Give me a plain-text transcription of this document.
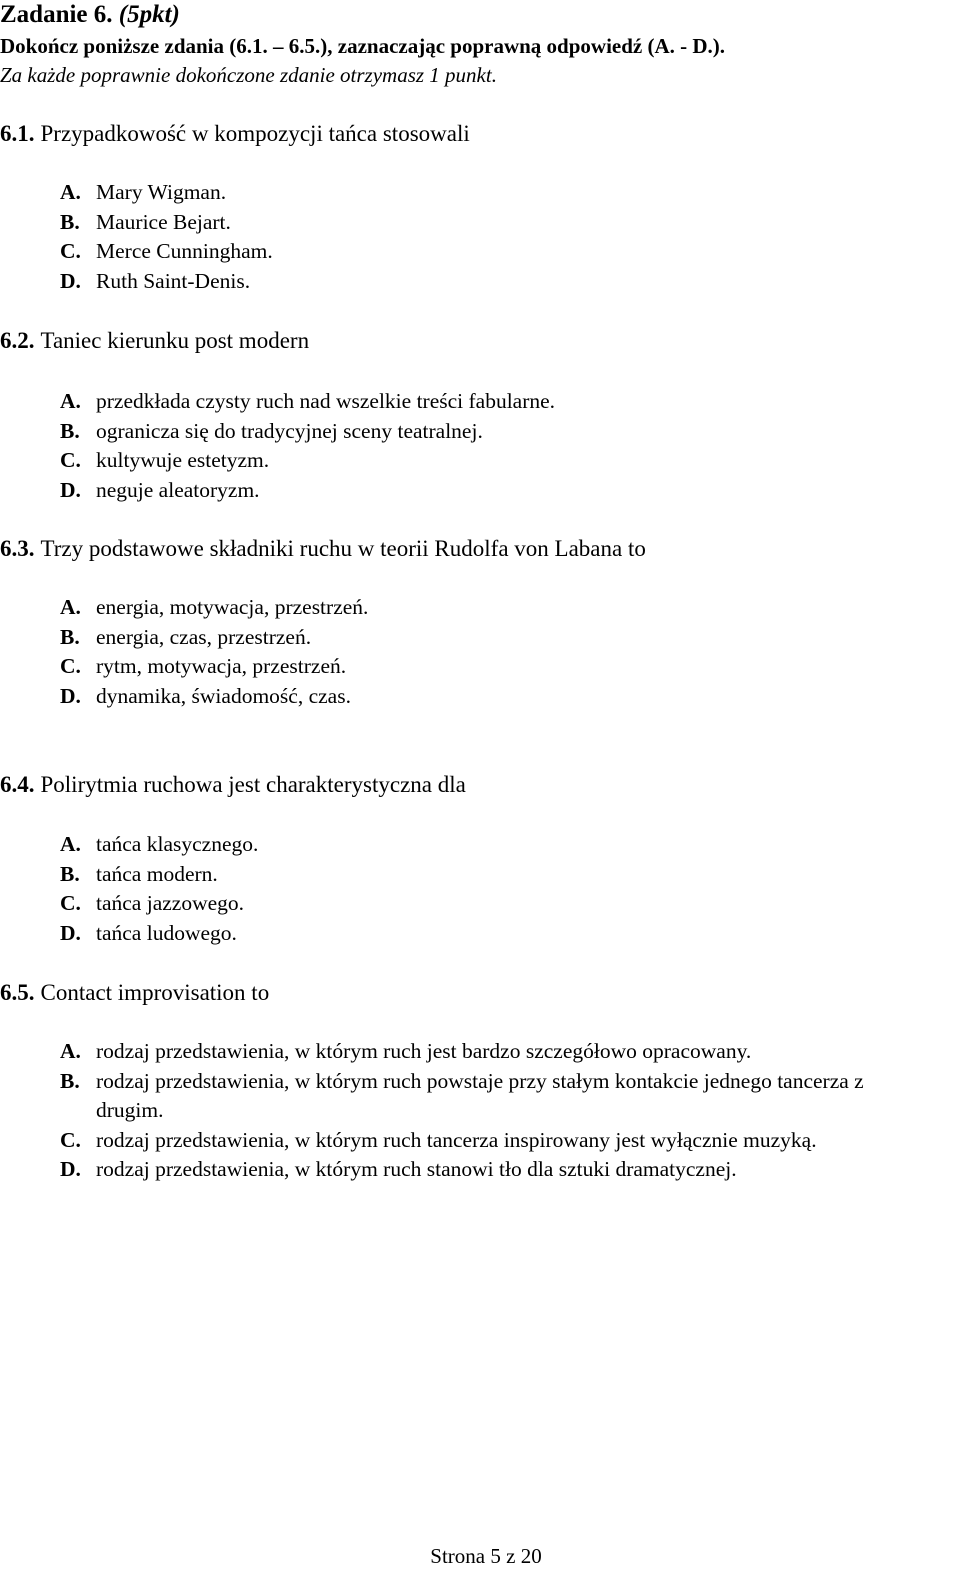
Zadanie 6. (5pkt)
Dokończ poniższe zdania (6.1. – 6.5.), zaznaczając poprawną odpowiedź (A. - D.).
Za każde poprawnie dokończone zdanie otrzymasz 1 punkt.
6.1. Przypadkowość w kompozycji tańca stosowali
A. Mary Wigman.
B. Maurice Bejart.
C. Merce Cunningham.
D. Ruth Saint-Denis.
6.2. Taniec kierunku post modern
A. przedkłada czysty ruch nad wszelkie treści fabularne.
B. ogranicza się do tradycyjnej sceny teatralnej.
C. kultywuje estetyzm.
D. neguje aleatoryzm.
6.3. Trzy podstawowe składniki ruchu w teorii Rudolfa von Labana to
A. energia, motywacja, przestrzeń.
B. energia, czas, przestrzeń.
C. rytm, motywacja, przestrzeń.
D. dynamika, świadomość, czas.
6.4. Polirytmia ruchowa jest charakterystyczna dla
A. tańca klasycznego.
B. tańca modern.
C. tańca jazzowego.
D. tańca ludowego.
6.5. Contact improvisation to
A. rodzaj przedstawienia, w którym ruch jest bardzo szczegółowo opracowany.
B. rodzaj przedstawienia, w którym ruch powstaje przy stałym kontakcie jednego tancerza z drugim.
C. rodzaj przedstawienia, w którym ruch tancerza inspirowany jest wyłącznie muzyką.
D. rodzaj przedstawienia, w którym ruch stanowi tło dla sztuki dramatycznej.
Strona 5 z 20
